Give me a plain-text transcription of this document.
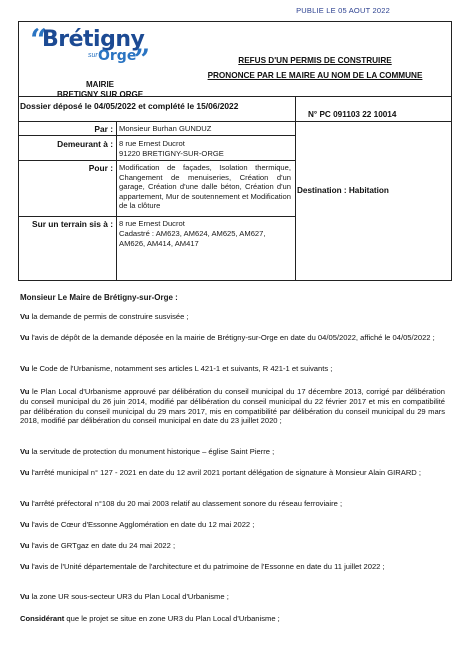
PUBLIE LE 05 AOUT 2022
“
Brétigny
sur Orge
”
MAIRIE
BRETIGNY SUR ORGE
REFUS D'UN PERMIS DE CONSTRUIRE
PRONONCE PAR LE MAIRE AU NOM DE LA COMMUNE
Dossier déposé le 04/05/2022 et complété le 15/06/2022
N° PC 091103 22 10014
Par : Monsieur Burhan GUNDUZ
Demeurant à : 8 rue Ernest Ducrot
91220 BRETIGNY-SUR-ORGE
Pour : Modification de façades, Isolation thermique, Changement de menuiseries, Création d'un garage, Création d'une dalle béton, Création d'un appartement, Mur de soutennement et Modification de la clôture
Destination : Habitation
Sur un terrain sis à : 8 rue Ernest Ducrot
Cadastré : AM623, AM624, AM625, AM627,
AM626, AM414, AM417
Monsieur Le Maire de Brétigny-sur-Orge :
Vu la demande de permis de construire susvisée ;
Vu l'avis de dépôt de la demande déposée en la mairie de Brétigny-sur-Orge en date du 04/05/2022, affiché le 04/05/2022 ;
Vu le Code de l'Urbanisme, notamment ses articles L 421-1 et suivants, R 421-1 et suivants ;
Vu le Plan Local d'Urbanisme approuvé par délibération du conseil municipal du 17 décembre 2013, corrigé par délibération du conseil municipal du 26 juin 2014, modifié par délibération du conseil municipal du 22 février 2017 et mis en compatibilité par délibération du conseil municipal du 29 mars 2017, mis en compatibilité par délibération du conseil municipal du 29 mars 2018, modifié par délibération du conseil municipal en date du 23 juillet 2020 ;
Vu la servitude de protection du monument historique – église Saint Pierre ;
Vu l'arrêté municipal n° 127 - 2021 en date du 12 avril 2021 portant délégation de signature à Monsieur Alain GIRARD ;
Vu l'arrêté préfectoral n°108 du 20 mai 2003 relatif au classement sonore du réseau ferroviaire ;
Vu l'avis de Cœur d'Essonne Agglomération en date du 12 mai 2022 ;
Vu l'avis de GRTgaz en date du 24 mai 2022 ;
Vu l'avis de l'Unité départementale de l'architecture et du patrimoine de l'Essonne en date du 11 juillet 2022 ;
Vu la zone UR sous-secteur UR3 du Plan Local d'Urbanisme ;
Considérant que le projet se situe en zone UR3 du Plan Local d'Urbanisme ;
